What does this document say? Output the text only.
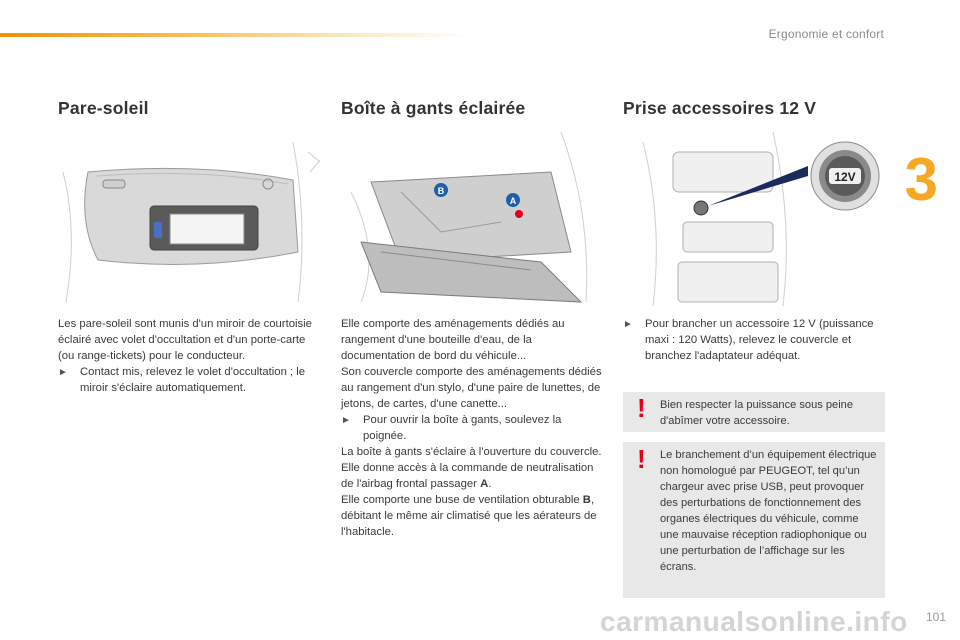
Ergonomie et confort
3
Pare-soleil

Les pare-soleil sont munis d'un miroir de courtoisie éclairé avec volet d'occultation et d'un porte-carte (ou range-tickets) pour le conducteur.

►	Contact mis, relevez le volet d'occultation ; le miroir s'éclaire automatiquement.
Boîte à gants éclairée
B
A

Elle comporte des aménagements dédiés au rangement d'une bouteille d'eau, de la documentation de bord du véhicule...

Son couvercle comporte des aménagements dédiés au rangement d'un stylo, d'une paire de lunettes, de jetons, de cartes, d'une canette...

►	Pour ouvrir la boîte à gants, soulevez la poignée.

La boîte à gants s'éclaire à l'ouverture du couvercle.

Elle donne accès à la commande de neutralisation de l'airbag frontal passager A.

Elle comporte une buse de ventilation obturable B, débitant le même air climatisé que les aérateurs de l'habitacle.

Prise accessoires 12 V
12V
►	Pour brancher un accessoire 12 V (puissance maxi : 120 Watts), relevez le couvercle et branchez l'adaptateur adéquat.
! Bien respecter la puissance sous peine d'abîmer votre accessoire.
! Le branchement d’un équipement électrique non homologué par PEUGEOT, tel qu’un chargeur avec prise USB, peut provoquer des perturbations de fonctionnement des organes électriques du véhicule, comme une mauvaise réception radiophonique ou une perturbation de l’affichage sur les écrans.
carmanualsonline.info 101
